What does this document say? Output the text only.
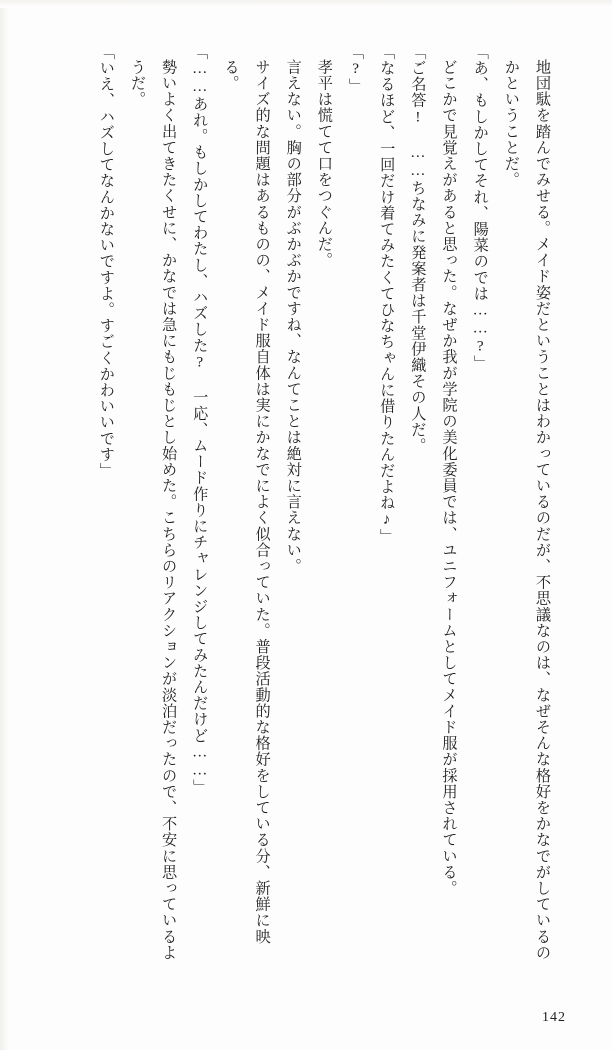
地団駄を踏んでみせる。メイド姿だということはわかっているのだが、不思議なのは、なぜそんな格好をかなでがしているのかということだ。

「あ、もしかしてそれ、陽菜のでは……?」

どこかで見覚えがあると思った。なぜか我が学院の美化委員では、ユニフォームとしてメイド服が採用されている。

「ご名答! ……ちなみに発案者は千堂伊織その人だ。

「なるほど、一回だけ着てみたくてひなちゃんに借りたんだよね♪」

「?」

孝平は慌てて口をつぐんだ。

言えない。胸の部分がぶかぶかですね、なんてことは絶対に言えない。

サイズ的な問題はあるものの、メイド服自体は実にかなでによく似合っていた。普段活動的な格好をしている分、新鮮に映る。

「……あれ。もしかしてわたし、ハズした? 一応、ムード作りにチャレンジしてみたんだけど……」

勢いよく出てきたくせに、かなでは急にもじもじとし始めた。こちらのリアクションが淡泊だったので、不安に思っているようだ。

「いえ、ハズしてなんかないですよ。すごくかわいいです」

142
